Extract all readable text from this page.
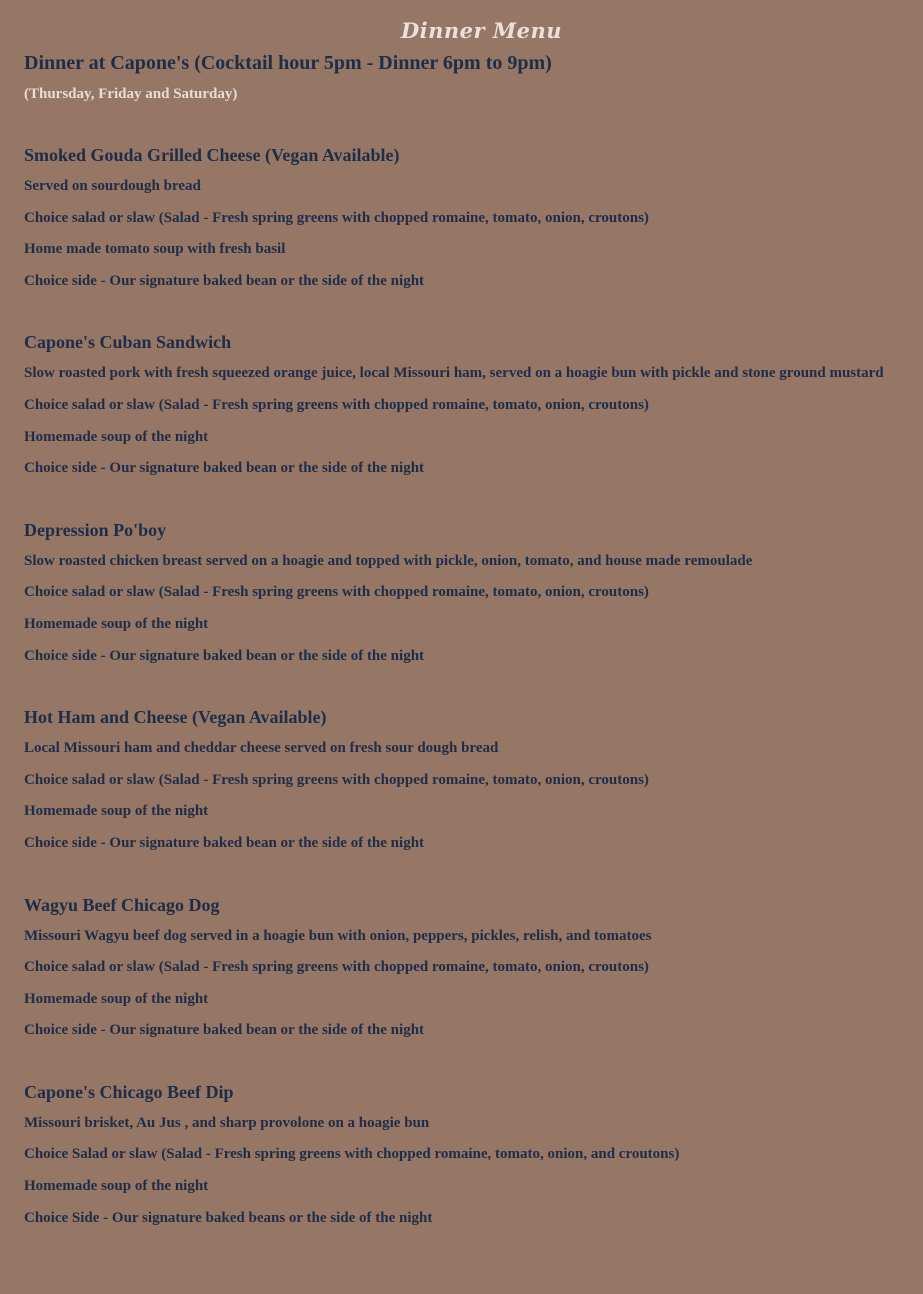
Dinner Menu
Dinner at Capone's (Cocktail hour 5pm - Dinner 6pm to 9pm)

(Thursday, Friday and Saturday)

Smoked Gouda Grilled Cheese (Vegan Available)

Served on sourdough bread

Choice salad or slaw (Salad - Fresh spring greens with chopped romaine, tomato, onion, croutons)

Home made tomato soup with fresh basil

Choice side - Our signature baked bean or the side of the night

Capone's Cuban Sandwich

Slow roasted pork with fresh squeezed orange juice, local Missouri ham, served on a hoagie bun with pickle and stone ground mustard

Choice salad or slaw (Salad - Fresh spring greens with chopped romaine, tomato, onion, croutons)

Homemade soup of the night

Choice side - Our signature baked bean or the side of the night

Depression Po'boy

Slow roasted chicken breast served on a hoagie and topped with pickle, onion, tomato, and house made remoulade

Choice salad or slaw (Salad - Fresh spring greens with chopped romaine, tomato, onion, croutons)

Homemade soup of the night

Choice side - Our signature baked bean or the side of the night

Hot Ham and Cheese (Vegan Available)

Local Missouri ham and cheddar cheese served on fresh sour dough bread

Choice salad or slaw (Salad - Fresh spring greens with chopped romaine, tomato, onion, croutons)

Homemade soup of the night

Choice side - Our signature baked bean or the side of the night

Wagyu Beef Chicago Dog

Missouri Wagyu beef dog served in a hoagie bun with onion, peppers, pickles, relish, and tomatoes

Choice salad or slaw (Salad - Fresh spring greens with chopped romaine, tomato, onion, croutons)

Homemade soup of the night

Choice side - Our signature baked bean or the side of the night

Capone's Chicago Beef Dip

Missouri brisket, Au Jus , and sharp provolone on a hoagie bun

Choice Salad or slaw (Salad - Fresh spring greens with chopped romaine, tomato, onion, and croutons)

Homemade soup of the night

Choice Side - Our signature baked beans or the side of the night
